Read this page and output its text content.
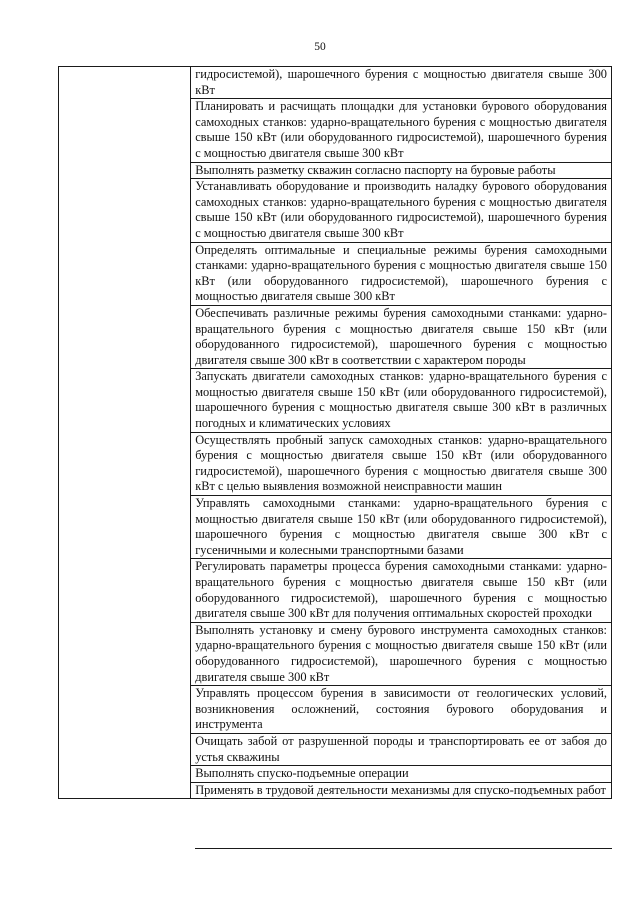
50
	гидросистемой), шарошечного бурения с мощностью двигателя свыше 300 кВт
Планировать и расчищать площадки для установки бурового оборудования самоходных станков: ударно-вращательного бурения с мощностью двигателя свыше 150 кВт (или оборудованного гидросистемой), шарошечного бурения с мощностью двигателя свыше 300 кВт
Выполнять разметку скважин согласно паспорту на буровые работы
Устанавливать оборудование и производить наладку бурового оборудования самоходных станков: ударно-вращательного бурения с мощностью двигателя свыше 150 кВт (или оборудованного гидросистемой), шарошечного бурения с мощностью двигателя свыше 300 кВт
Определять оптимальные и специальные режимы бурения самоходными станками: ударно-вращательного бурения с мощностью двигателя свыше 150 кВт (или оборудованного гидросистемой), шарошечного бурения с мощностью двигателя свыше 300 кВт
Обеспечивать различные режимы бурения самоходными станками: ударно-вращательного бурения с мощностью двигателя свыше 150 кВт (или оборудованного гидросистемой), шарошечного бурения с мощностью двигателя свыше 300 кВт в соответствии с характером породы
Запускать двигатели самоходных станков: ударно-вращательного бурения с мощностью двигателя свыше 150 кВт (или оборудованного гидросистемой), шарошечного бурения с мощностью двигателя свыше 300 кВт в различных погодных и климатических условиях
Осуществлять пробный запуск самоходных станков: ударно-вращательного бурения с мощностью двигателя свыше 150 кВт (или оборудованного гидросистемой), шарошечного бурения с мощностью двигателя свыше 300 кВт с целью выявления возможной неисправности машин
Управлять самоходными станками: ударно-вращательного бурения с мощностью двигателя свыше 150 кВт (или оборудованного гидросистемой), шарошечного бурения с мощностью двигателя свыше 300 кВт с гусеничными и колесными транспортными базами
Регулировать параметры процесса бурения самоходными станками: ударно-вращательного бурения с мощностью двигателя свыше 150 кВт (или оборудованного гидросистемой), шарошечного бурения с мощностью двигателя свыше 300 кВт для получения оптимальных скоростей проходки
Выполнять установку и смену бурового инструмента самоходных станков: ударно-вращательного бурения с мощностью двигателя свыше 150 кВт (или оборудованного гидросистемой), шарошечного бурения с мощностью двигателя свыше 300 кВт
Управлять процессом бурения в зависимости от геологических условий, возникновения осложнений, состояния бурового оборудования и инструмента
Очищать забой от разрушенной породы и транспортировать ее от забоя до устья скважины
Выполнять спуско-подъемные операции
Применять в трудовой деятельности механизмы для спуско-подъемных работ
